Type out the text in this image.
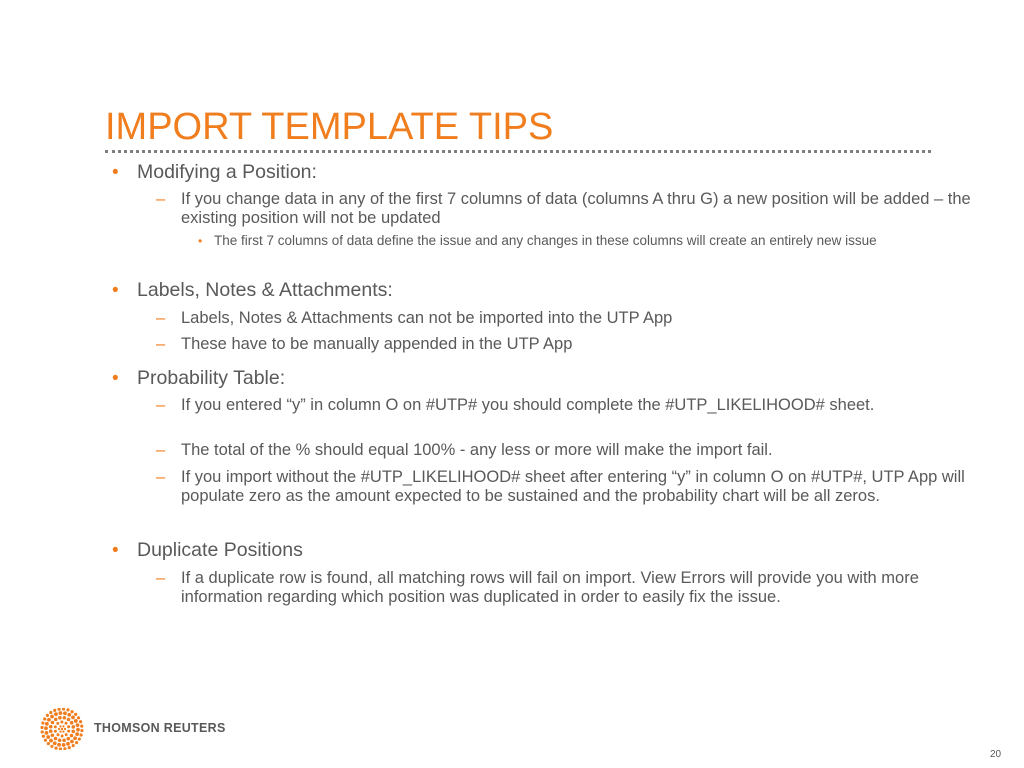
IMPORT TEMPLATE TIPS
• Modifying a Position:
– If you change data in any of the first 7 columns of data (columns A thru G) a new position will be added – the existing position will not be updated
• The first 7 columns of data define the issue and any changes in these columns will create an entirely new issue
• Labels, Notes & Attachments:
– Labels, Notes & Attachments can not be imported into the UTP App
– These have to be manually appended in the UTP App
• Probability Table:
– If you entered “y” in column O on #UTP# you should complete the #UTP_LIKELIHOOD# sheet.
– The total of the % should equal 100% - any less or more will make the import fail.
– If you import without the #UTP_LIKELIHOOD# sheet after entering “y” in column O on #UTP#, UTP App will populate zero as the amount expected to be sustained and the probability chart will be all zeros.
• Duplicate Positions
– If a duplicate row is found, all matching rows will fail on import. View Errors will provide you with more information regarding which position was duplicated in order to easily fix the issue.
THOMSON REUTERS
20
